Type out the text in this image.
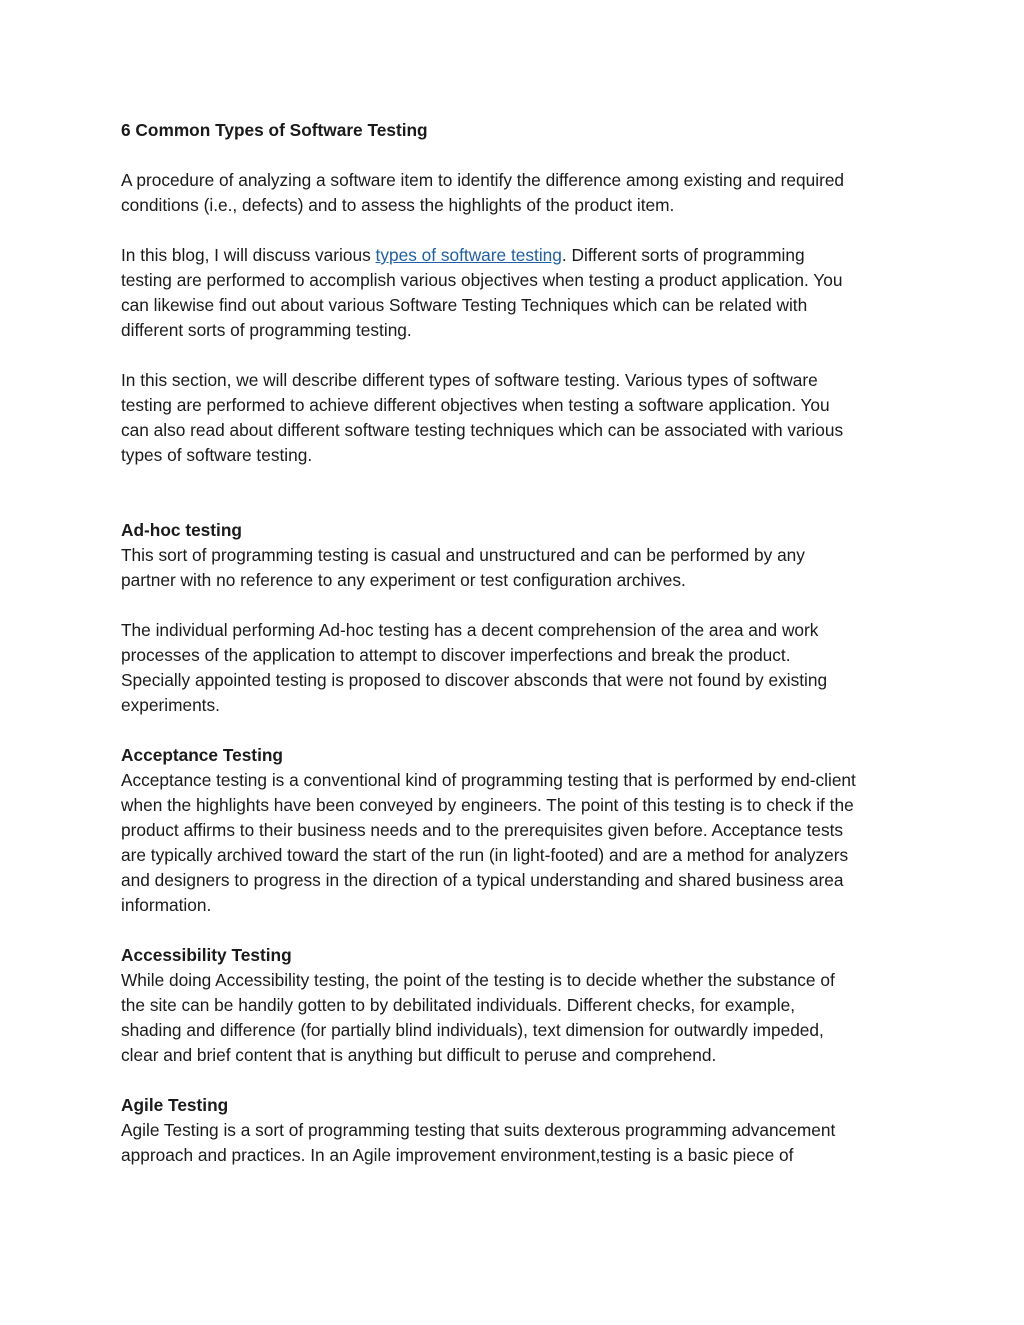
6 Common Types of Software Testing
A procedure of analyzing a software item to identify the difference among existing and required
conditions (i.e., defects) and to assess the highlights of the product item.
In this blog, I will discuss various types of software testing. Different sorts of programming
testing are performed to accomplish various objectives when testing a product application. You
can likewise find out about various Software Testing Techniques which can be related with
different sorts of programming testing.
In this section, we will describe different types of software testing. Various types of software
testing are performed to achieve different objectives when testing a software application. You
can also read about different software testing techniques which can be associated with various
types of software testing.
Ad-hoc testing
This sort of programming testing is casual and unstructured and can be performed by any
partner with no reference to any experiment or test configuration archives.
The individual performing Ad-hoc testing has a decent comprehension of the area and work
processes of the application to attempt to discover imperfections and break the product.
Specially appointed testing is proposed to discover absconds that were not found by existing
experiments.
Acceptance Testing
Acceptance testing is a conventional kind of programming testing that is performed by end-client
when the highlights have been conveyed by engineers. The point of this testing is to check if the
product affirms to their business needs and to the prerequisites given before. Acceptance tests
are typically archived toward the start of the run (in light-footed) and are a method for analyzers
and designers to progress in the direction of a typical understanding and shared business area
information.
Accessibility Testing
While doing Accessibility testing, the point of the testing is to decide whether the substance of
the site can be handily gotten to by debilitated individuals. Different checks, for example,
shading and difference (for partially blind individuals), text dimension for outwardly impeded,
clear and brief content that is anything but difficult to peruse and comprehend.
Agile Testing
Agile Testing is a sort of programming testing that suits dexterous programming advancement
approach and practices. In an Agile improvement environment,testing is a basic piece of
